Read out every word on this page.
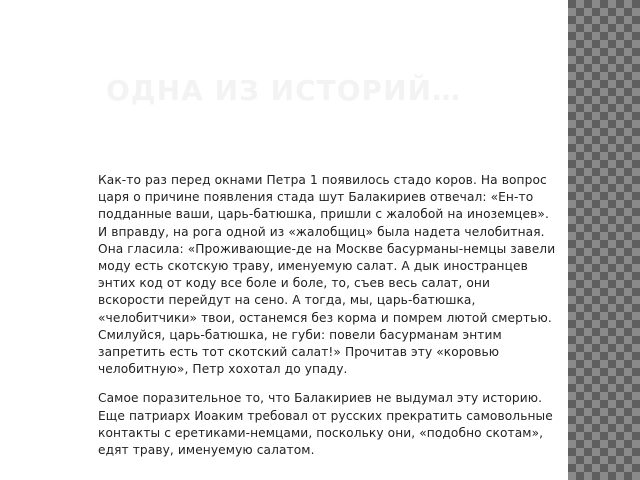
ОДНА ИЗ ИСТОРИЙ…

Как-то раз перед окнами Петра 1 появилось стадо коров. На вопрос царя о причине появления стада шут Балакириев отвечал: «Ен-то подданные ваши, царь-батюшка, пришли с жалобой на иноземцев». И вправду, на рога одной из «жалобщиц» была надета челобитная. Она гласила: «Проживающие-де на Москве басурманы-немцы завели моду есть скотскую траву, именуемую салат. А дык иностранцев энтих код от коду все боле и боле, то, съев весь салат, они вскорости перейдут на сено. А тогда, мы, царь-батюшка, «челобитчики» твои, останемся без корма и помрем лютой смертью. Смилуйся, царь-батюшка, не губи: повели басурманам энтим запретить есть тот скотский салат!» Прочитав эту «коровью челобитную», Петр хохотал до упаду.

Самое поразительное то, что Балакириев не выдумал эту историю. Еще патриарх Иоаким требовал от русских прекратить самовольные контакты с еретиками-немцами, поскольку они, «подобно скотам», едят траву, именуемую салатом.
